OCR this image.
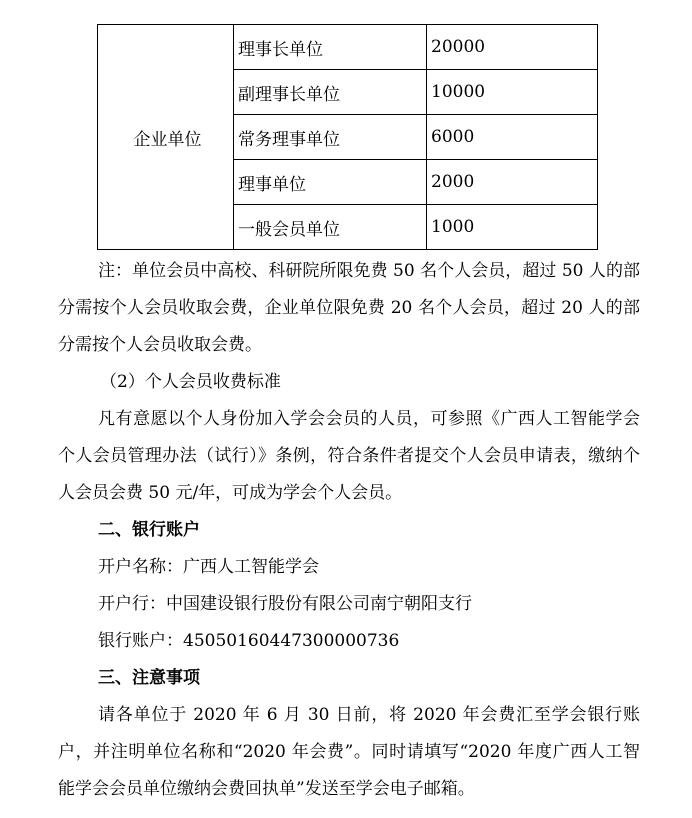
企业单位	理事长单位	20000
	副理事长单位	10000
	常务理事单位	6000
	理事单位	2000
	一般会员单位	1000
注：单位会员中高校、科研院所限免费 50 名个人会员，超过 50 人的部分需按个人会员收取会费，企业单位限免费 20 名个人会员，超过 20 人的部分需按个人会员收取会费。
（2）个人会员收费标准
凡有意愿以个人身份加入学会会员的人员，可参照《广西人工智能学会个人会员管理办法（试行）》条例，符合条件者提交个人会员申请表，缴纳个人会员会费 50 元/年，可成为学会个人会员。
二、银行账户
开户名称：广西人工智能学会
开户行：中国建设银行股份有限公司南宁朝阳支行
银行账户：45050160447300000736
三、注意事项
请各单位于 2020 年 6 月 30 日前，将 2020 年会费汇至学会银行账户，并注明单位名称和“2020 年会费”。同时请填写“2020 年度广西人工智能学会会员单位缴纳会费回执单”发送至学会电子邮箱。
